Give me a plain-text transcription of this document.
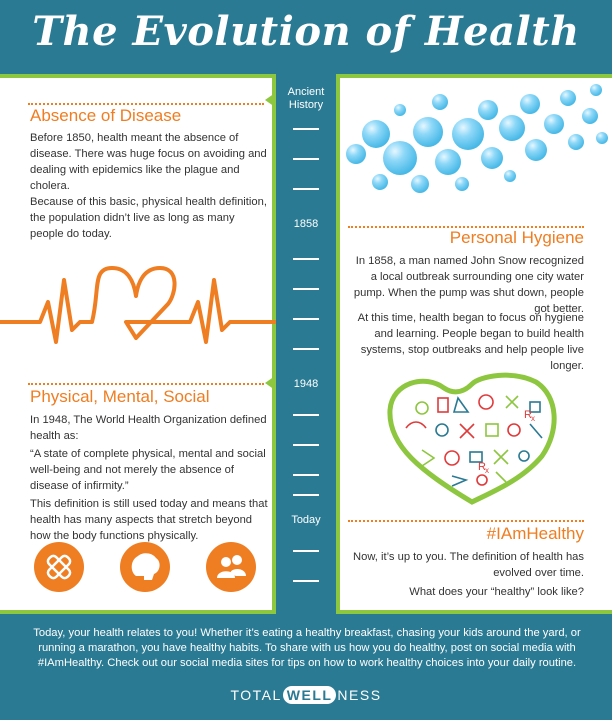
The Evolution of Health
Absence of Disease
Before 1850, health meant the absence of disease. There was huge focus on avoiding and dealing with epidemics like the plague and cholera.
Because of this basic, physical health definition, the population didn’t live as long as many people do today.
Physical, Mental, Social
In 1948, The World Health Organization defined health as:
“A state of complete physical, mental and social well-being and not merely the absence of disease of infirmity.”
This definition is still used today and means that health has many aspects that stretch beyond how the body functions physically.
Ancient History
1858
1948
Today
Personal Hygiene
In 1858, a man named John Snow recognized a local outbreak surrounding one city water pump. When the pump was shut down, people got better.
At this time, health began to focus on hygiene and learning. People began to build health systems, stop outbreaks and help people live longer.
R x
R x
#IAmHealthy
Now, it’s up to you. The definition of health has evolved over time.
What does your “healthy” look like?
Today, your health relates to you! Whether it’s eating a healthy breakfast, chasing your kids around the yard, or running a marathon, you have healthy habits. To share with us how you do healthy, post on social media with #IAmHealthy. Check out our social media sites for tips on how to work healthy choices into your daily routine.
TOTAL WELL NESS
